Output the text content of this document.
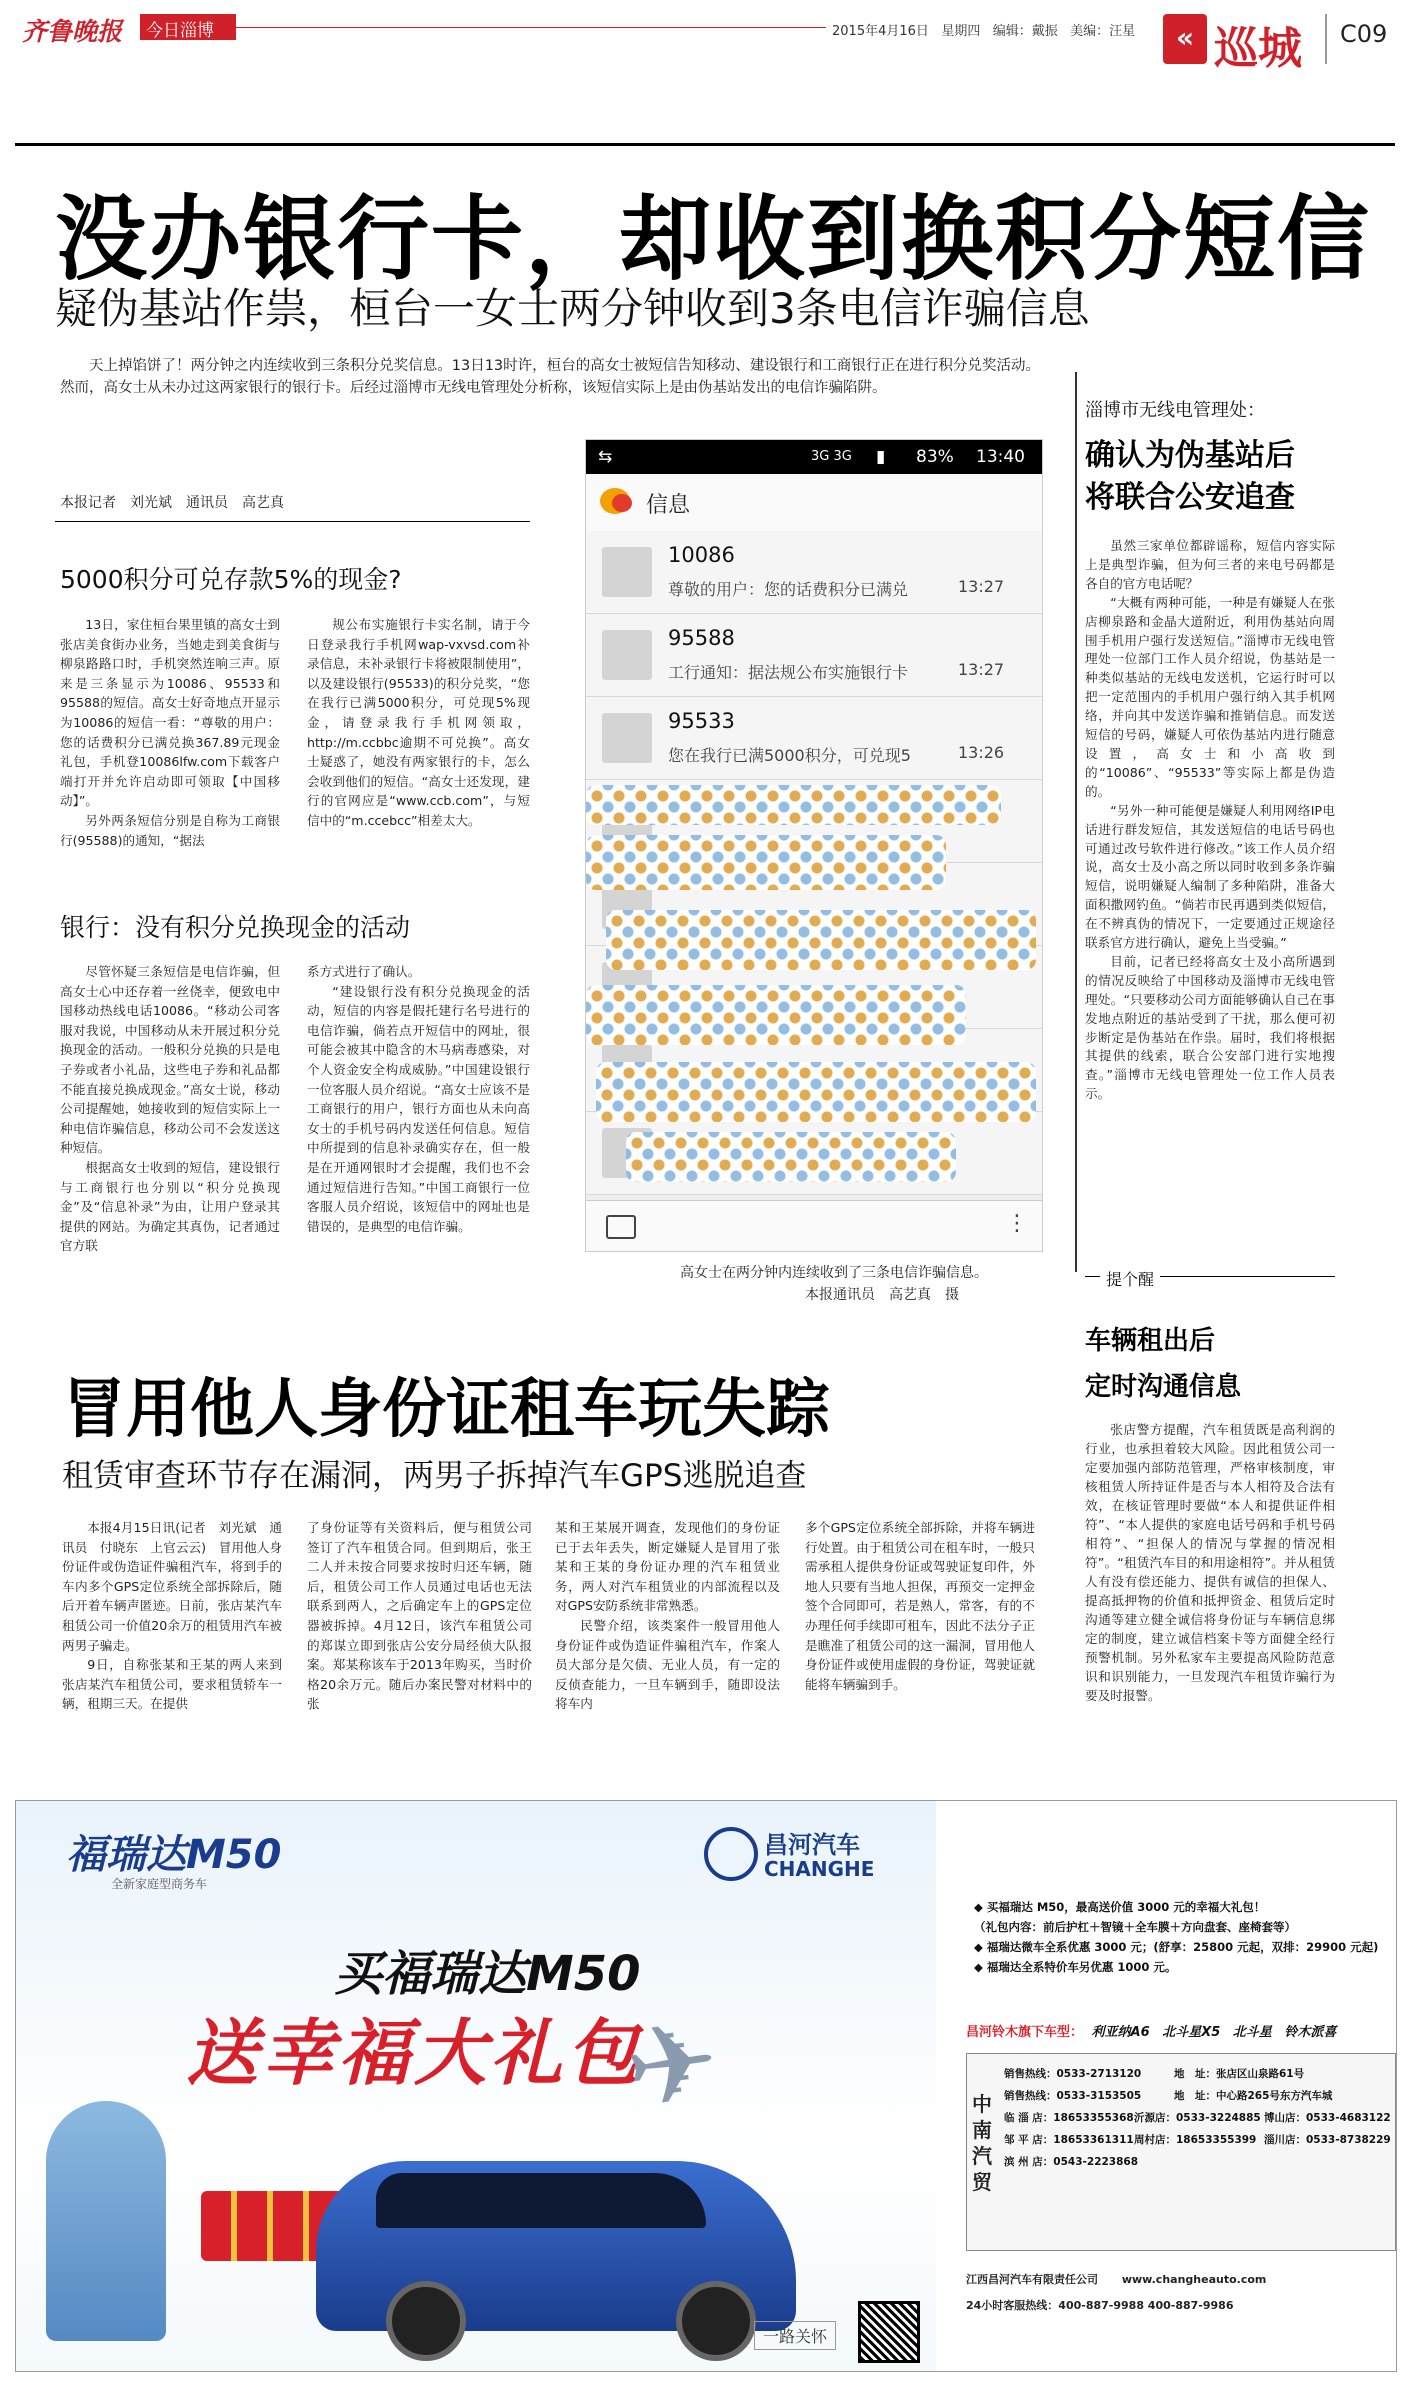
齐鲁晚报 今日淄博	2015年4月16日 星期四 编辑：戴振 美编：汪星	« 巡城 C09
没办银行卡，却收到换积分短信
疑伪基站作祟，桓台一女士两分钟收到3条电信诈骗信息

天上掉馅饼了！两分钟之内连续收到三条积分兑奖信息。13日13时许，桓台的高女士被短信告知移动、建设银行和工商银行正在进行积分兑奖活动。然而，高女士从未办过这两家银行的银行卡。后经过淄博市无线电管理处分析称，该短信实际上是由伪基站发出的电信诈骗陷阱。

本报记者　刘光斌　通讯员　高艺真
5000积分可兑存款5%的现金?

13日，家住桓台果里镇的高女士到张店美食街办业务，当她走到美食街与柳泉路路口时，手机突然连响三声。原来是三条显示为10086、95533和95588的短信。高女士好奇地点开显示为10086的短信一看：“尊敬的用户：您的话费积分已满兑换367.89元现金礼包，手机登10086lfw.com下载客户端打开并允许启动即可领取【中国移动】”。

另外两条短信分别是自称为工商银行(95588)的通知，“据法

规公布实施银行卡实名制，请于今日登录我行手机网wap-vxvsd.com补录信息，未补录银行卡将被限制使用”，以及建设银行(95533)的积分兑奖，“您在我行已满5000积分，可兑现5%现金，请登录我行手机网领取，http://m.ccbbc逾期不可兑换”。高女士疑惑了，她没有两家银行的卡，怎么会收到他们的短信。“高女士还发现，建行的官网应是“www.ccb.com”，与短信中的“m.ccebcc”相差太大。

银行：没有积分兑换现金的活动

尽管怀疑三条短信是电信诈骗，但高女士心中还存着一丝侥幸，便致电中国移动热线电话10086。“移动公司客服对我说，中国移动从未开展过积分兑换现金的活动。一般积分兑换的只是电子券或者小礼品，这些电子券和礼品都不能直接兑换成现金。”高女士说，移动公司提醒她，她接收到的短信实际上一种电信诈骗信息，移动公司不会发送这种短信。

根据高女士收到的短信，建设银行与工商银行也分别以“积分兑换现金”及“信息补录”为由，让用户登录其提供的网站。为确定其真伪，记者通过官方联

系方式进行了确认。

“建设银行没有积分兑换现金的活动，短信的内容是假托建行名号进行的电信诈骗，倘若点开短信中的网址，很可能会被其中隐含的木马病毒感染，对个人资金安全构成威胁。”中国建设银行一位客服人员介绍说。“高女士应该不是工商银行的用户，银行方面也从未向高女士的手机号码内发送任何信息。短信中所提到的信息补录确实存在，但一般是在开通网银时才会提醒，我们也不会通过短信进行告知。”中国工商银行一位客服人员介绍说，该短信中的网址也是错误的，是典型的电信诈骗。

⇆	3G 3G ▮ 83% 13:40
信息
10086
尊敬的用户：您的话费积分已满兑	13:27
95588
工行通知：据法规公布实施银行卡	13:27
95533
您在我行已满5000积分，可兑现5	13:26
⋮
高女士在两分钟内连续收到了三条电信诈骗信息。
本报通讯员　高艺真　摄
淄博市无线电管理处：
确认为伪基站后
将联合公安追查

虽然三家单位都辟谣称，短信内容实际上是典型诈骗，但为何三者的来电号码都是各自的官方电话呢？

“大概有两种可能，一种是有嫌疑人在张店柳泉路和金晶大道附近，利用伪基站向周围手机用户强行发送短信。”淄博市无线电管理处一位部门工作人员介绍说，伪基站是一种类似基站的无线电发送机，它运行时可以把一定范围内的手机用户强行纳入其手机网络，并向其中发送诈骗和推销信息。而发送短信的号码，嫌疑人可依伪基站内进行随意设置，高女士和小高收到的“10086”、“95533”等实际上都是伪造的。

“另外一种可能便是嫌疑人利用网络IP电话进行群发短信，其发送短信的电话号码也可通过改号软件进行修改。”该工作人员介绍说，高女士及小高之所以同时收到多条诈骗短信，说明嫌疑人编制了多种陷阱，准备大面积撒网钓鱼。“倘若市民再遇到类似短信，在不辨真伪的情况下，一定要通过正规途径联系官方进行确认，避免上当受骗。”

目前，记者已经将高女士及小高所遇到的情况反映给了中国移动及淄博市无线电管理处。“只要移动公司方面能够确认自己在事发地点附近的基站受到了干扰，那么便可初步断定是伪基站在作祟。届时，我们将根据其提供的线索，联合公安部门进行实地搜查。”淄博市无线电管理处一位工作人员表示。

提个醒
车辆租出后
定时沟通信息

张店警方提醒，汽车租赁既是高利润的行业，也承担着较大风险。因此租赁公司一定要加强内部防范管理，严格审核制度，审核租赁人所持证件是否与本人相符及合法有效，在核证管理时要做“本人和提供证件相符”、“本人提供的家庭电话号码和手机号码相符”、“担保人的情况与掌握的情况相符”。“租赁汽车目的和用途相符”。并从租赁人有没有偿还能力、提供有诚信的担保人、提高抵押物的价值和抵押资金、租赁后定时沟通等建立健全诚信将身份证与车辆信息绑定的制度，建立诚信档案卡等方面健全经行预警机制。另外私家车主要提高风险防范意识和识别能力，一旦发现汽车租赁诈骗行为要及时报警。

冒用他人身份证租车玩失踪
租赁审查环节存在漏洞，两男子拆掉汽车GPS逃脱追查

本报4月15日讯(记者　刘光斌　通讯员　付晓东　上官云云)　冒用他人身份证件或伪造证件骗租汽车，将到手的车内多个GPS定位系统全部拆除后，随后开着车辆声匿迹。日前，张店某汽车租赁公司一价值20余万的租赁用汽车被两男子骗走。

9日，自称张某和王某的两人来到张店某汽车租赁公司，要求租赁轿车一辆，租期三天。在提供

了身份证等有关资料后，便与租赁公司签订了汽车租赁合同。但到期后，张王二人并未按合同要求按时归还车辆，随后，租赁公司工作人员通过电话也无法联系到两人，之后确定车上的GPS定位器被拆掉。4月12日，该汽车租赁公司的郑谋立即到张店公安分局经侦大队报案。郑某称该车于2013年购买，当时价格20余万元。随后办案民警对材料中的张

某和王某展开调查，发现他们的身份证已于去年丢失，断定嫌疑人是冒用了张某和王某的身份证办理的汽车租赁业务，两人对汽车租赁业的内部流程以及对GPS安防系统非常熟悉。

民警介绍，该类案件一般冒用他人身份证件或伪造证件骗租汽车，作案人员大部分是欠债、无业人员，有一定的反侦查能力，一旦车辆到手，随即设法将车内

多个GPS定位系统全部拆除，并将车辆进行处置。由于租赁公司在租车时，一般只需承租人提供身份证或驾驶证复印件，外地人只要有当地人担保，再预交一定押金签个合同即可，若是熟人，常客，有的不办理任何手续即可租车，因此不法分子正是瞧准了租赁公司的这一漏洞，冒用他人身份证件或使用虚假的身份证，驾驶证就能将车辆骗到手。

福瑞达M50
全新家庭型商务车
昌河汽车
CHANGHE
买福瑞达M50
送幸福大礼包
✈
一路关怀
◆ 买福瑞达 M50，最高送价值 3000 元的幸福大礼包！
（礼包内容：前后护杠＋智镜＋全车膜＋方向盘套、座椅套等）
◆ 福瑞达微车全系优惠 3000 元；(舒享：25800 元起，双排：29900 元起)
◆ 福瑞达全系特价车另优惠 1000 元。
昌河铃木旗下车型： 利亚纳A6 北斗星X5 北斗星 铃木派喜
中南汽贸
销售热线：0533-2713120	地　址：张店区山泉路61号
销售热线：0533-3153505	地　址：中心路265号东方汽车城
临 淄 店：18653355368沂源店：0533-3224885 博山店：0533-4683122
邹 平 店：18653361311周村店：18653355399 淄川店：0533-8738229
滨 州 店：0543-2223868
江西昌河汽车有限责任公司 www.changheauto.com
24小时客服热线：400-887-9988 400-887-9986
